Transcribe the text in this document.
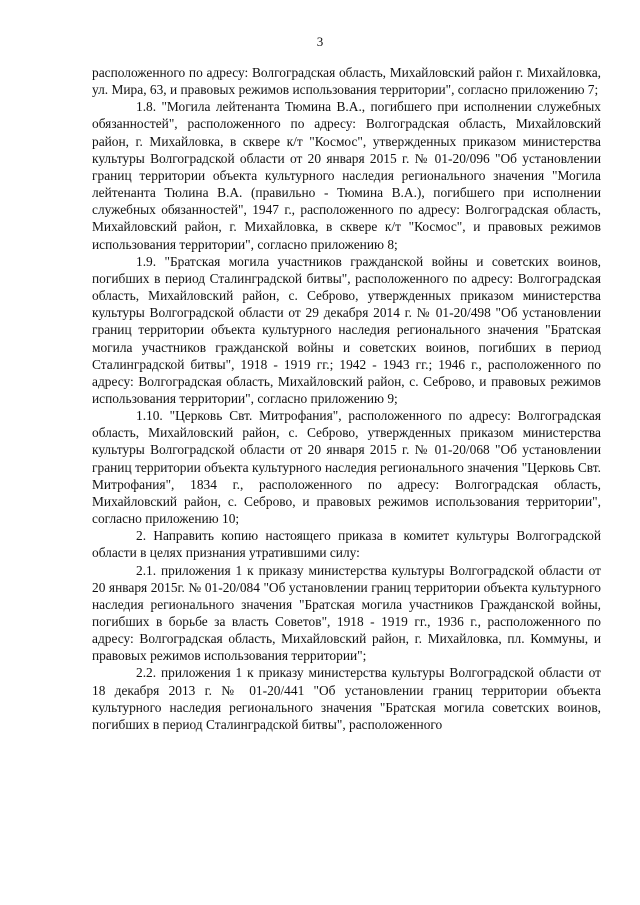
3

расположенного по адресу: Волгоградская область, Михайловский район г. Михайловка, ул. Мира, 63, и правовых режимов использования территории", согласно приложению 7;

1.8. "Могила лейтенанта Тюмина В.А., погибшего при исполнении служебных обязанностей", расположенного по адресу: Волгоградская область, Михайловский район, г. Михайловка, в сквере к/т "Космос", утвержденных приказом министерства культуры Волгоградской области от 20 января 2015 г. № 01-20/096 "Об установлении границ территории объекта культурного наследия регионального значения "Могила лейтенанта Тюлина В.А. (правильно - Тюмина В.А.), погибшего при исполнении служебных обязанностей", 1947 г., расположенного по адресу: Волгоградская область, Михайловский район, г. Михайловка, в сквере к/т "Космос", и правовых режимов использования территории", согласно приложению 8;

1.9. "Братская могила участников гражданской войны и советских воинов, погибших в период Сталинградской битвы", расположенного по адресу: Волгоградская область, Михайловский район, с. Себрово, утвержденных приказом министерства культуры Волгоградской области от 29 декабря 2014 г. № 01-20/498 "Об установлении границ территории объекта культурного наследия регионального значения "Братская могила участников гражданской войны и советских воинов, погибших в период Сталинградской битвы", 1918 - 1919 гг.; 1942 - 1943 гг.; 1946 г., расположенного по адресу: Волгоградская область, Михайловский район, с. Себрово, и правовых режимов использования территории", согласно приложению 9;

1.10. "Церковь Свт. Митрофания", расположенного по адресу: Волгоградская область, Михайловский район, с. Себрово, утвержденных приказом министерства культуры Волгоградской области от 20 января 2015 г. № 01-20/068 "Об установлении границ территории объекта культурного наследия регионального значения "Церковь Свт. Митрофания", 1834 г., расположенного по адресу: Волгоградская область, Михайловский район, с. Себрово, и правовых режимов использования территории", согласно приложению 10;

2. Направить копию настоящего приказа в комитет культуры Волгоградской области в целях признания утратившими силу:

2.1. приложения 1 к приказу министерства культуры Волгоградской области от 20 января 2015г. № 01-20/084 "Об установлении границ территории объекта культурного наследия регионального значения "Братская могила участников Гражданской войны, погибших в борьбе за власть Советов", 1918 - 1919 гг., 1936 г., расположенного по адресу: Волгоградская область, Михайловский район, г. Михайловка, пл. Коммуны, и правовых режимов использования территории";

2.2. приложения 1 к приказу министерства культуры Волгоградской области от 18 декабря 2013 г. № 01-20/441 "Об установлении границ территории объекта культурного наследия регионального значения "Братская могила советских воинов, погибших в период Сталинградской битвы", расположенного
